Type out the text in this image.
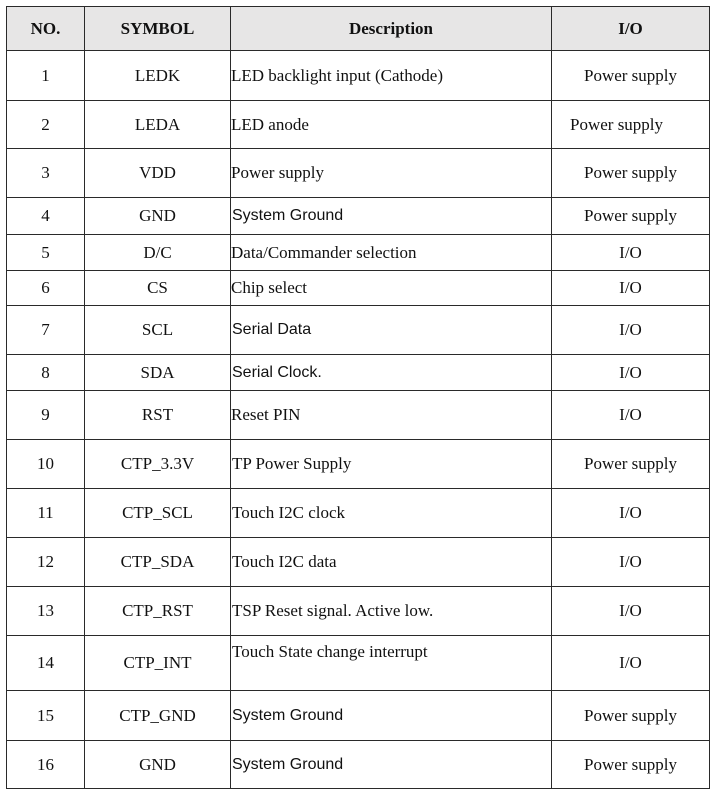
NO.	SYMBOL	Description	I/O
1	LEDK	LED backlight input (Cathode)	Power supply
2	LEDA	LED anode	Power supply
3	VDD	Power supply	Power supply
4	GND	System Ground	Power supply
5	D/C	Data/Commander selection	I/O
6	CS	Chip select	I/O
7	SCL	Serial Data	I/O
8	SDA	Serial Clock.	I/O
9	RST	Reset PIN	I/O
10	CTP_3.3V	TP Power Supply	Power supply
11	CTP_SCL	Touch I2C clock	I/O
12	CTP_SDA	Touch I2C data	I/O
13	CTP_RST	TSP Reset signal. Active low.	I/O
14	CTP_INT	Touch State change interrupt	I/O
15	CTP_GND	System Ground	Power supply
16	GND	System Ground	Power supply
